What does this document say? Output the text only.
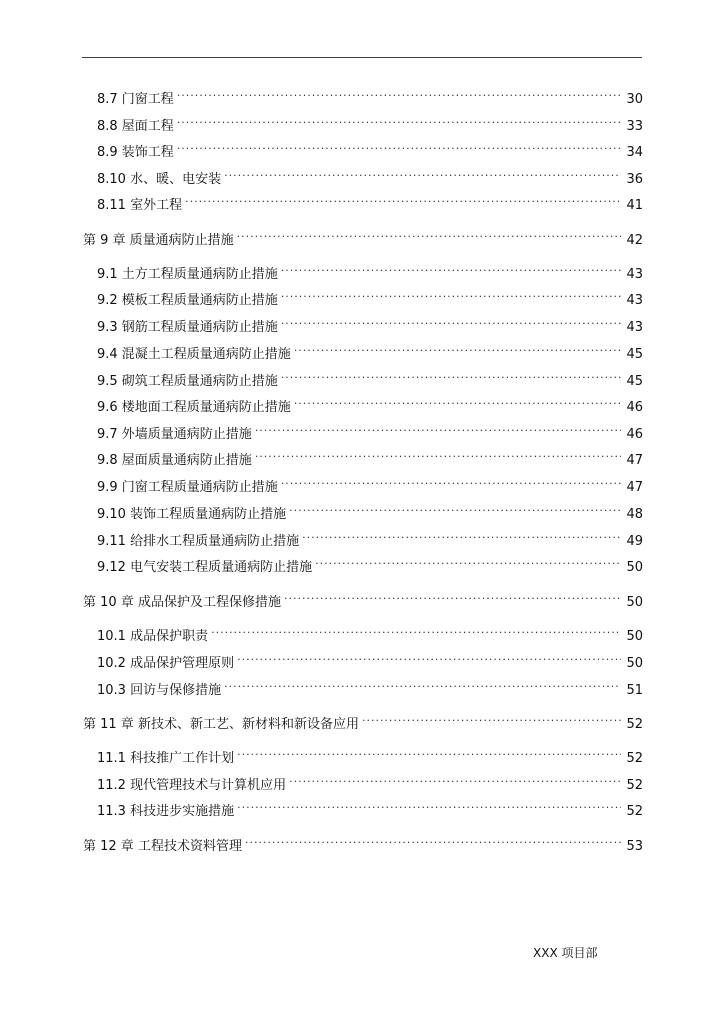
8.7 门窗工程 .....	30
8.8 屋面工程 .....	33
8.9 装饰工程 .....	34
8.10 水、暖、电安装 .....	36
8.11 室外工程 .....	41
第 9 章 质量通病防止措施 .....	42
9.1 土方工程质量通病防止措施 .....	43
9.2 模板工程质量通病防止措施 .....	43
9.3 钢筋工程质量通病防止措施 .....	43
9.4 混凝土工程质量通病防止措施 .....	45
9.5 砌筑工程质量通病防止措施 .....	45
9.6 楼地面工程质量通病防止措施 .....	46
9.7 外墙质量通病防止措施 .....	46
9.8 屋面质量通病防止措施 .....	47
9.9 门窗工程质量通病防止措施 .....	47
9.10 装饰工程质量通病防止措施 .....	48
9.11 给排水工程质量通病防止措施 .....	49
9.12 电气安装工程质量通病防止措施 .....	50
第 10 章 成品保护及工程保修措施 .....	50
10.1 成品保护职责 .....	50
10.2 成品保护管理原则 .....	50
10.3 回访与保修措施 .....	51
第 11 章 新技术、新工艺、新材料和新设备应用 .....	52
11.1 科技推广工作计划 .....	52
11.2 现代管理技术与计算机应用 .....	52
11.3 科技进步实施措施 .....	52
第 12 章 工程技术资料管理 .....	53
XXX 项目部
